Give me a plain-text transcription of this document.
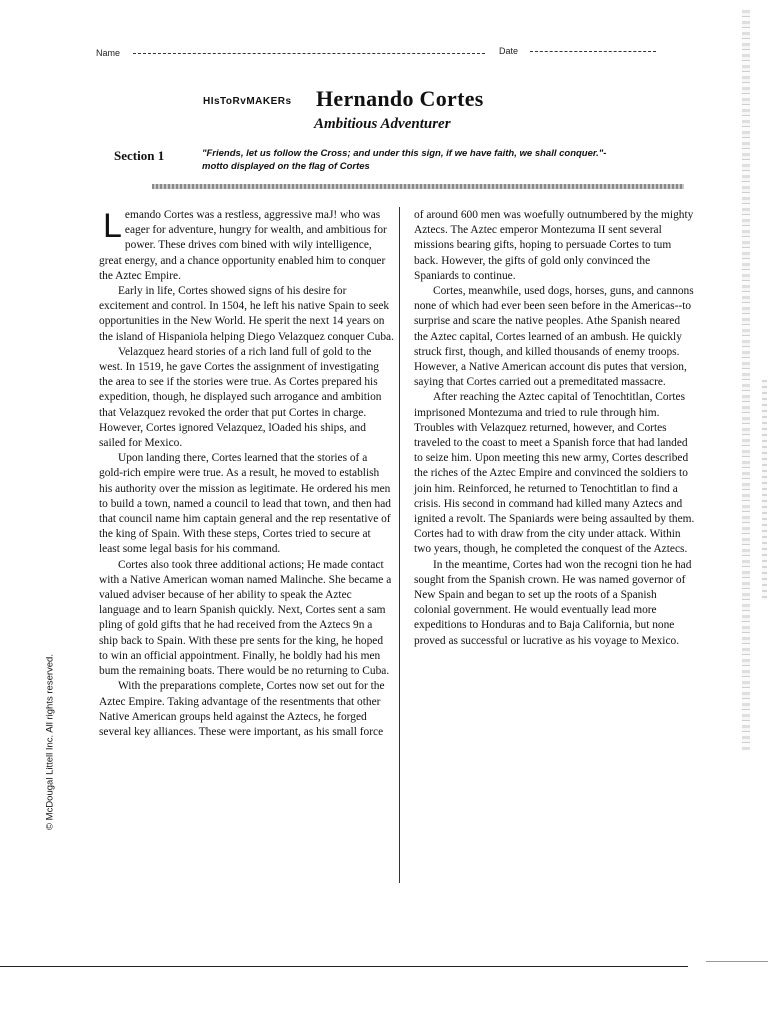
Name	Date
HIsToRvMAKERs Hernando Cortes
Ambitious Adventurer
Section 1	"Friends, let us follow the Cross; and under this sign, if we have faith, we shall conquer."-motto displayed on the flag of Cortes

Lemando Cortes was a restless, aggressive maJ! who was eager for adventure, hungry for wealth, and ambitious for power. These drives com bined with wily intelligence, great energy, and a chance opportunity enabled him to conquer the Aztec Empire.

Early in life, Cortes showed signs of his desire for excitement and control. In 1504, he left his native Spain to seek opportunities in the New World. He sperit the next 14 years on the island of Hispaniola helping Diego Velazquez conquer Cuba.

Velazquez heard stories of a rich land full of gold to the west. In 1519, he gave Cortes the assignment of investigating the area to see if the stories were true. As Cortes prepared his expedition, though, he displayed such arrogance and ambition that Velazquez revoked the order that put Cortes in charge. However, Cortes ignored Velazquez, lOaded his ships, and sailed for Mexico.

Upon landing there, Cortes learned that the stories of a gold-rich empire were true. As a result, he moved to establish his authority over the mission as legitimate. He ordered his men to build a town, named a council to lead that town, and then had that council name him captain general and the rep resentative of the king of Spain. With these steps, Cortes tried to secure at least some legal basis for his command.

Cortes also took three additional actions; He made contact with a Native American woman named Malinche. She became a valued adviser because of her ability to speak the Aztec language and to learn Spanish quickly. Next, Cortes sent a sam pling of gold gifts that he had received from the Aztecs 9n a ship back to Spain. With these pre sents for the king, he hoped to win an official appointment. Finally, he boldly had his men bum the remaining boats. There would be no returning to Cuba.

With the preparations complete, Cortes now set out for the Aztec Empire. Taking advantage of the resentments that other Native American groups held against the Aztecs, he forged several key alliances. These were important, as his small force

of around 600 men was woefully outnumbered by the mighty Aztecs. The Aztec emperor Montezuma II sent several missions bearing gifts, hoping to persuade Cortes to tum back. However, the gifts of gold only convinced the Spaniards to continue.

Cortes, meanwhile, used dogs, horses, guns, and cannons none of which had ever been seen before in the Americas--to surprise and scare the native peoples. Athe Spanish neared the Aztec capital, Cortes learned of an ambush. He quickly struck first, though, and killed thousands of enemy troops. However, a Native American account dis putes that version, saying that Cortes carried out a premeditated massacre.

After reaching the Aztec capital of Tenochtitlan, Cortes imprisoned Montezuma and tried to rule through him. Troubles with Velazquez returned, however, and Cortes traveled to the coast to meet a Spanish force that had landed to seize him. Upon meeting this new army, Cortes described the riches of the Aztec Empire and convinced the soldiers to join him. Reinforced, he returned to Tenochtitlan to find a crisis. His second in command had killed many Aztecs and ignited a revolt. The Spaniards were being assaulted by them. Cortes had to with draw from the city under attack. Within two years, though, he completed the conquest of the Aztecs.

In the meantime, Cortes had won the recogni tion he had sought from the Spanish crown. He was named governor of New Spain and began to set up the roots of a Spanish colonial government. He would eventually lead more expeditions to Honduras and to Baja California, but none proved as successful or lucrative as his voyage to Mexico.

© McDougal Littell Inc. All rights reserved.
